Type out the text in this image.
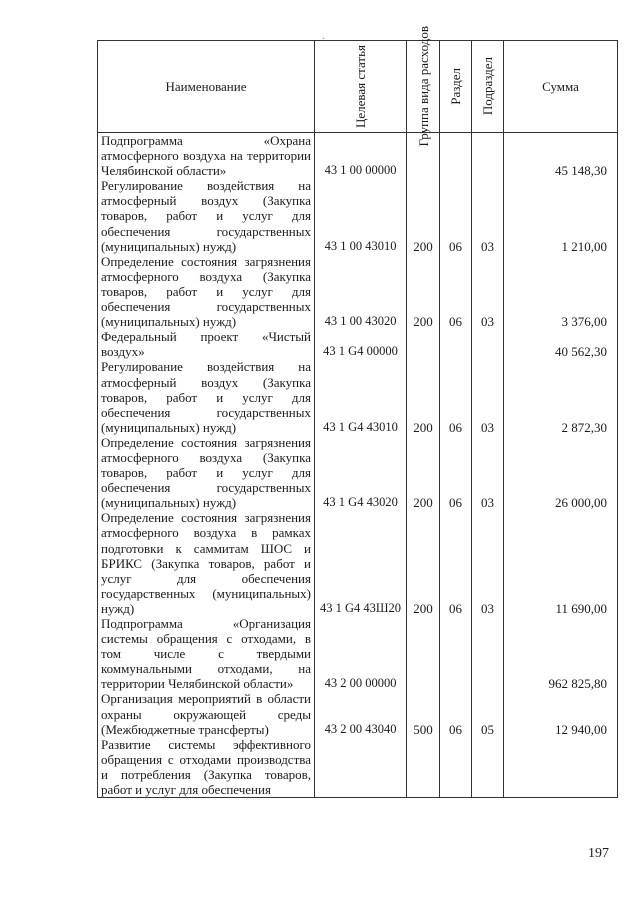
.
Наименование	Целевая статья	Группа вида расходов	Раздел	Подраздел	Сумма
Подпрограмма «Охрана атмосферного воздуха на территории Челябинской области»	43 1 00 00000				45 148,30
Регулирование воздействия на атмосферный воздух (Закупка товаров, работ и услуг для обеспечения государственных (муниципальных) нужд)	43 1 00 43010	200	06	03	1 210,00
Определение состояния загрязнения атмосферного воздуха (Закупка товаров, работ и услуг для обеспечения государственных (муниципальных) нужд)	43 1 00 43020	200	06	03	3 376,00
Федеральный проект «Чистый воздух»	43 1 G4 00000				40 562,30
Регулирование воздействия на атмосферный воздух (Закупка товаров, работ и услуг для обеспечения государственных (муниципальных) нужд)	43 1 G4 43010	200	06	03	2 872,30
Определение состояния загрязнения атмосферного воздуха (Закупка товаров, работ и услуг для обеспечения государственных (муниципальных) нужд)	43 1 G4 43020	200	06	03	26 000,00
Определение состояния загрязнения атмосферного воздуха в рамках подготовки к саммитам ШОС и БРИКС (Закупка товаров, работ и услуг для обеспечения государственных (муниципальных) нужд)	43 1 G4 43Ш20	200	06	03	11 690,00
Подпрограмма «Организация системы обращения с отходами, в том числе с твердыми коммунальными отходами, на территории Челябинской области»	43 2 00 00000				962 825,80
Организация мероприятий в области охраны окружающей среды (Межбюджетные трансферты)	43 2 00 43040	500	06	05	12 940,00
Развитие системы эффективного обращения с отходами производства и потребления (Закупка товаров, работ и услуг для обеспечения					
197
